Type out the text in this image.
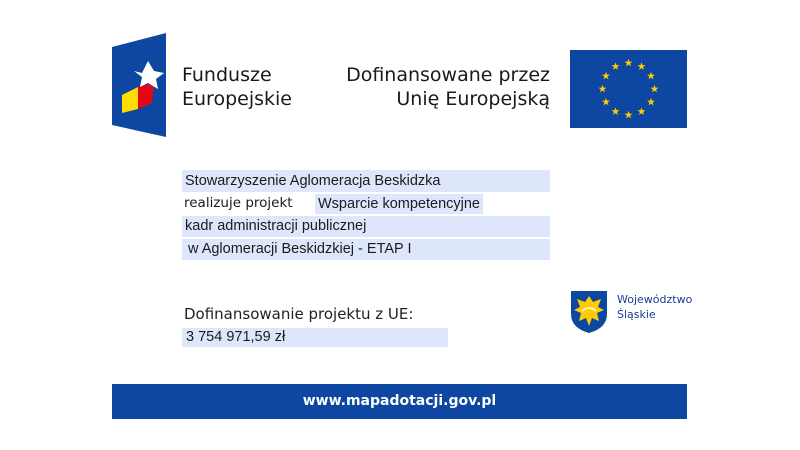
Fundusze
Europejskie
Dofinansowane przez
Unię Europejską
Stowarzyszenie Aglomeracja Beskidzka
realizuje projekt Wsparcie kompetencyjne
kadr administracji publicznej
w Aglomeracji Beskidzkiej - ETAP I
Dofinansowanie projektu z UE:
3 754 971,59 zł
Województwo
Śląskie
www.mapadotacji.gov.pl
